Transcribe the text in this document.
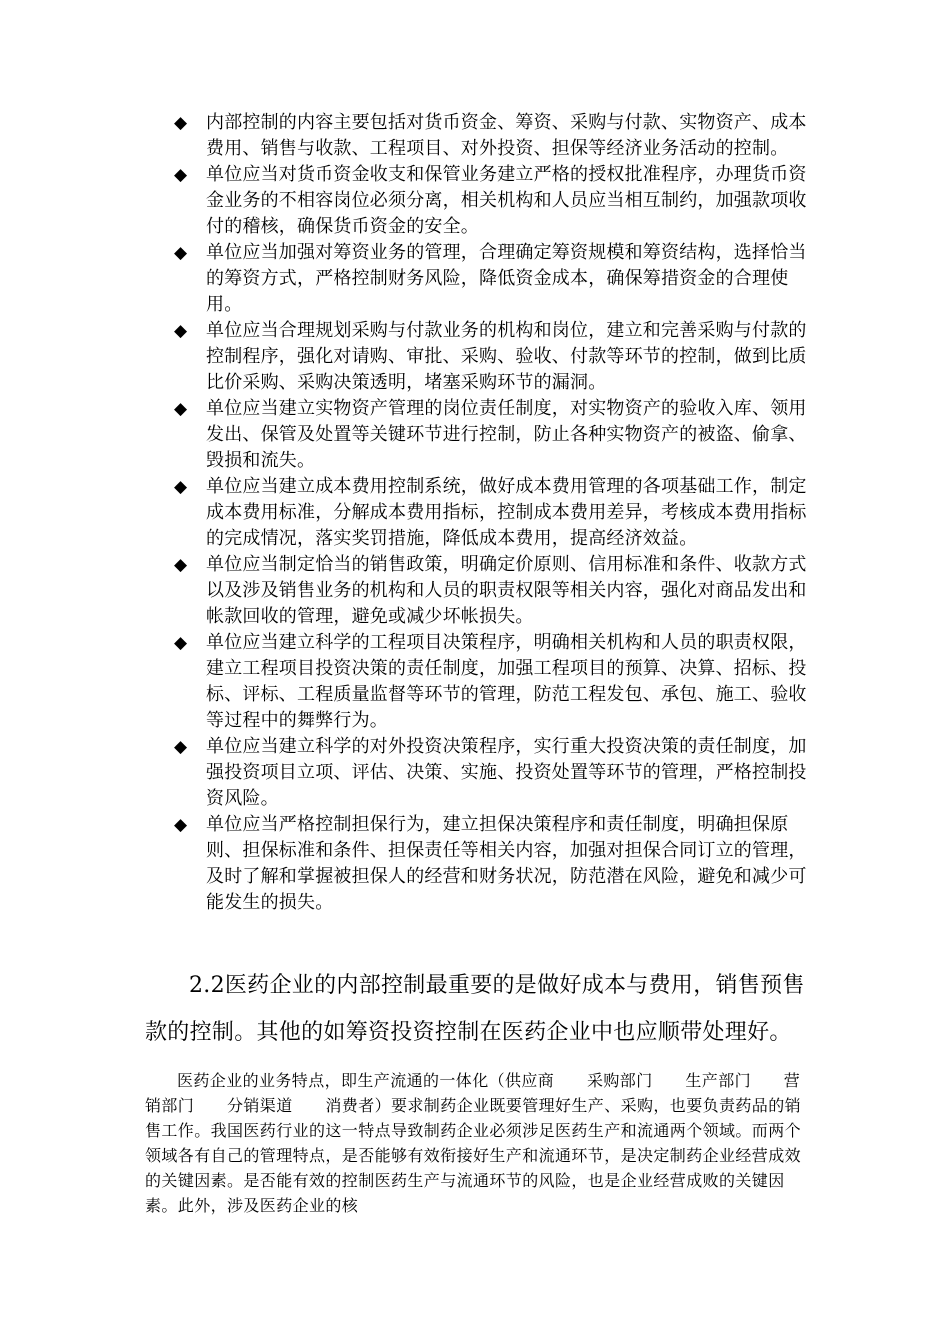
◆ 内部控制的内容主要包括对货币资金、筹资、采购与付款、实物资产、成本费用、销售与收款、工程项目、对外投资、担保等经济业务活动的控制。
◆ 单位应当对货币资金收支和保管业务建立严格的授权批准程序，办理货币资金业务的不相容岗位必须分离，相关机构和人员应当相互制约，加强款项收付的稽核，确保货币资金的安全。
◆ 单位应当加强对筹资业务的管理，合理确定筹资规模和筹资结构，选择恰当的筹资方式，严格控制财务风险，降低资金成本，确保筹措资金的合理使用。
◆ 单位应当合理规划采购与付款业务的机构和岗位，建立和完善采购与付款的控制程序，强化对请购、审批、采购、验收、付款等环节的控制，做到比质比价采购、采购决策透明，堵塞采购环节的漏洞。
◆ 单位应当建立实物资产管理的岗位责任制度，对实物资产的验收入库、领用发出、保管及处置等关键环节进行控制，防止各种实物资产的被盗、偷拿、毁损和流失。
◆ 单位应当建立成本费用控制系统，做好成本费用管理的各项基础工作，制定成本费用标准，分解成本费用指标，控制成本费用差异，考核成本费用指标的完成情况，落实奖罚措施，降低成本费用，提高经济效益。
◆ 单位应当制定恰当的销售政策，明确定价原则、信用标准和条件、收款方式以及涉及销售业务的机构和人员的职责权限等相关内容，强化对商品发出和帐款回收的管理，避免或减少坏帐损失。
◆ 单位应当建立科学的工程项目决策程序，明确相关机构和人员的职责权限，建立工程项目投资决策的责任制度，加强工程项目的预算、决算、招标、投标、评标、工程质量监督等环节的管理，防范工程发包、承包、施工、验收等过程中的舞弊行为。
◆ 单位应当建立科学的对外投资决策程序，实行重大投资决策的责任制度，加强投资项目立项、评估、决策、实施、投资处置等环节的管理，严格控制投资风险。
◆ 单位应当严格控制担保行为，建立担保决策程序和责任制度，明确担保原则、担保标准和条件、担保责任等相关内容，加强对担保合同订立的管理，及时了解和掌握被担保人的经营和财务状况，防范潜在风险，避免和减少可能发生的损失。

2.2医药企业的内部控制最重要的是做好成本与费用，销售预售款的控制。其他的如筹资投资控制在医药企业中也应顺带处理好。

医药企业的业务特点，即生产流通的一体化（供应商　　采购部门　　生产部门　　营销部门　　分销渠道　　消费者）要求制药企业既要管理好生产、采购，也要负责药品的销售工作。我国医药行业的这一特点导致制药企业必须涉足医药生产和流通两个领域。而两个领域各有自己的管理特点，是否能够有效衔接好生产和流通环节，是决定制药企业经营成效的关键因素。是否能有效的控制医药生产与流通环节的风险，也是企业经营成败的关键因素。此外，涉及医药企业的核
